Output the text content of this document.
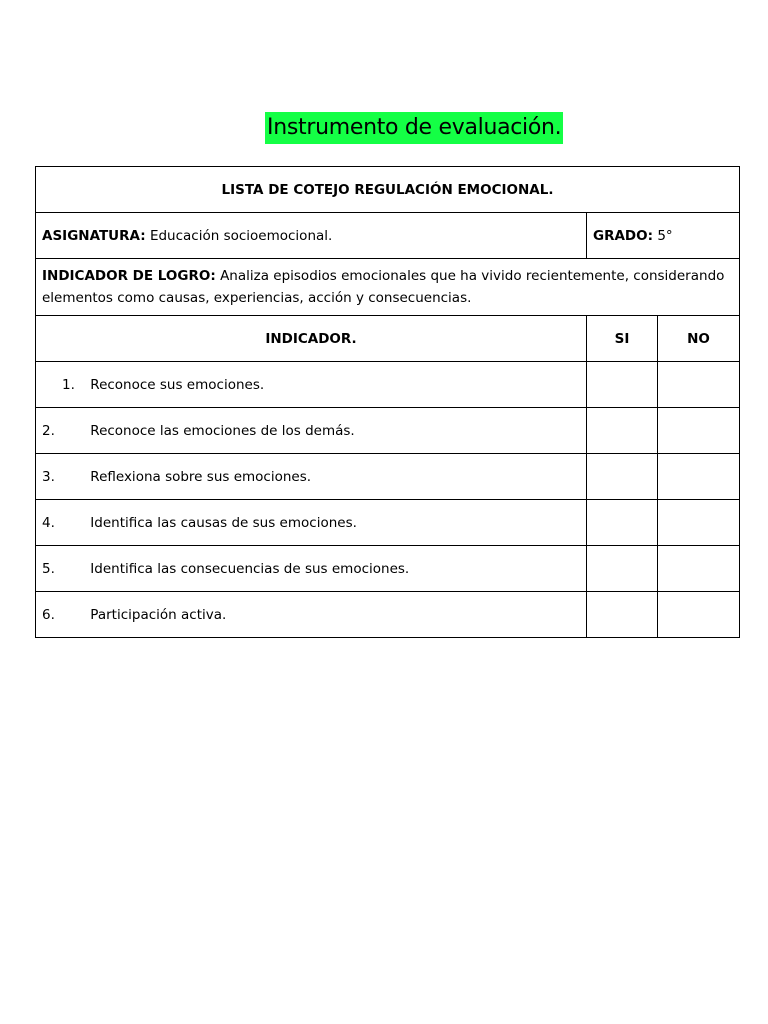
Instrumento de evaluación.
LISTA DE COTEJO REGULACIÓN EMOCIONAL.		
ASIGNATURA: Educación socioemocional.	GRADO: 5°	
INDICADOR DE LOGRO: Analiza episodios emocionales que ha vivido recientemente, considerando elementos como causas, experiencias, acción y consecuencias.		
INDICADOR.	SI	NO
1. Reconoce sus emociones.		
2. Reconoce las emociones de los demás.		
3. Reflexiona sobre sus emociones.		
4. Identifica las causas de sus emociones.		
5. Identifica las consecuencias de sus emociones.		
6. Participación activa.		
